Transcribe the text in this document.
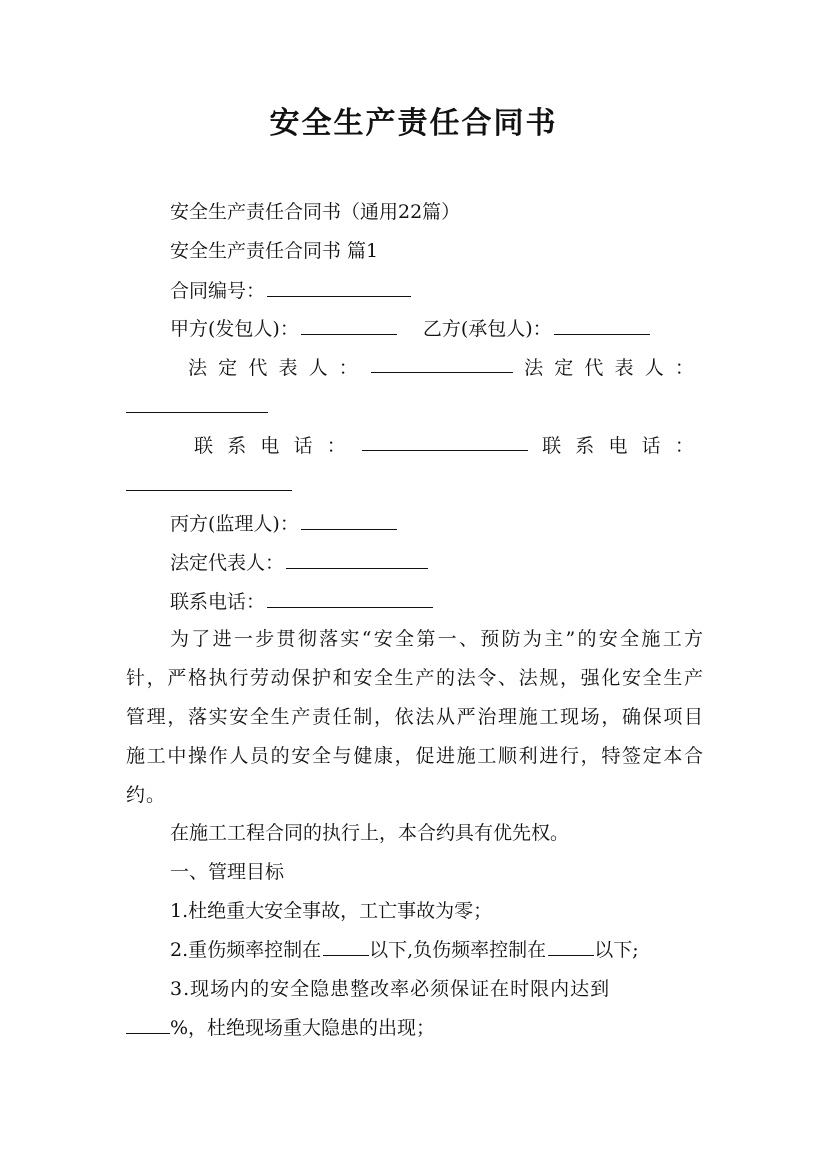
安全生产责任合同书
安全生产责任合同书（通用22篇）
安全生产责任合同书 篇1
合同编号：
甲方(发包人)：	乙方(承包人)：
法 定 代 表 人 ：	法 定 代 表 人 ：
联 系 电 话 ：	联 系 电 话 ：
丙方(监理人)：
法定代表人：
联系电话：
为了进一步贯彻落实“安全第一、预防为主”的安全施工方针，严格执行劳动保护和安全生产的法令、法规，强化安全生产管理，落实安全生产责任制，依法从严治理施工现场，确保项目施工中操作人员的安全与健康，促进施工顺利进行，特签定本合约。
在施工工程合同的执行上，本合约具有优先权。
一、管理目标
1.杜绝重大安全事故，工亡事故为零；
2.重伤频率控制在	以下,负伤频率控制在	以下;
3.现场内的安全隐患整改率必须保证在时限内达到
%，杜绝现场重大隐患的出现；
